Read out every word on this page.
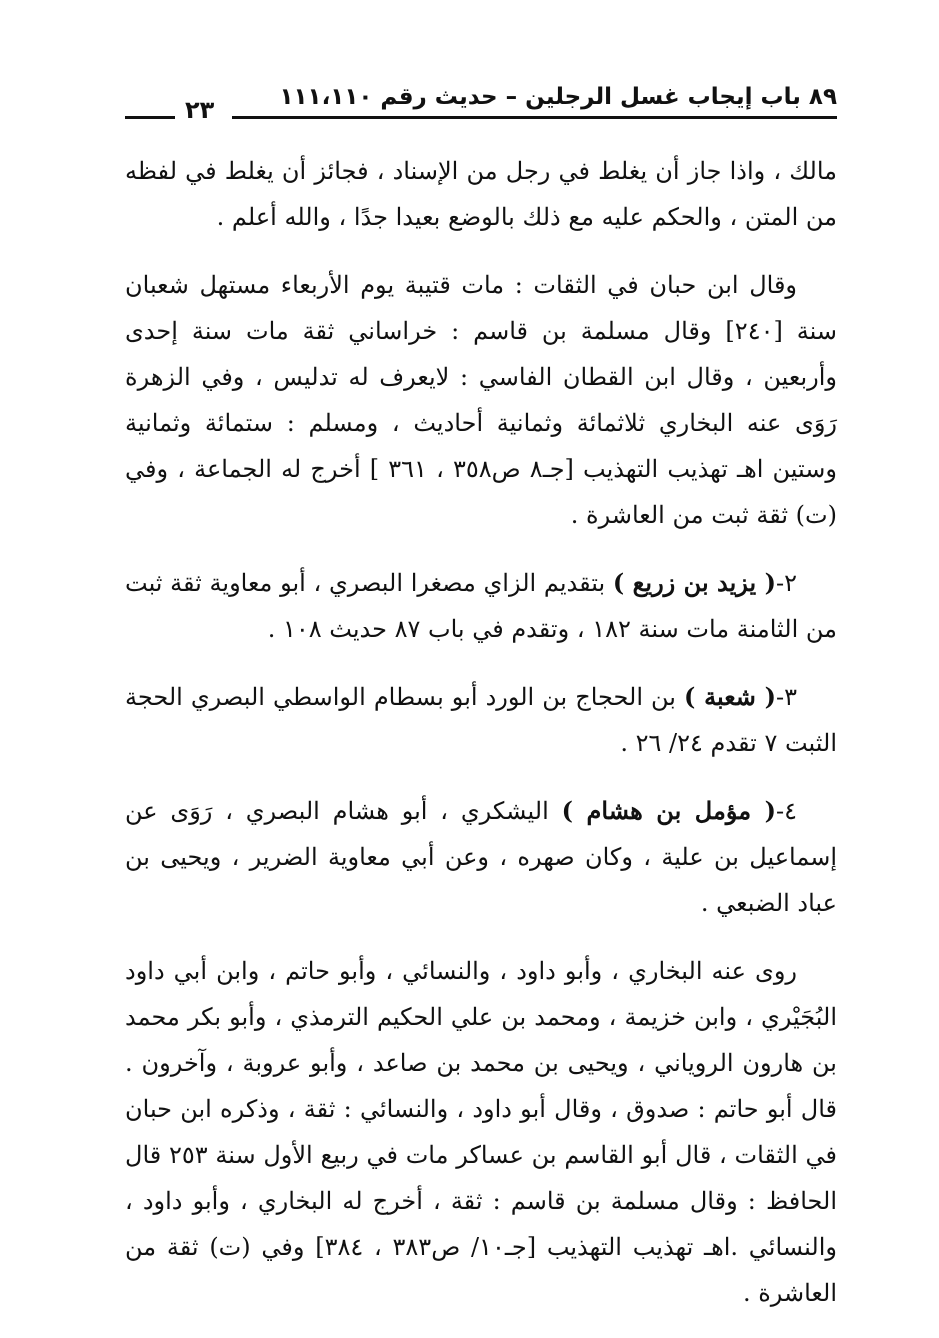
٨٩ باب إيجاب غسل الرجلين – حديث رقم ١١١،١١٠
٢٣

مالك ، واذا جاز أن يغلط في رجل من الإسناد ، فجائز أن يغلط في لفظه من المتن ، والحكم عليه مع ذلك بالوضع بعيدا جدًا ، والله أعلم .

وقال ابن حبان في الثقات : مات قتيبة يوم الأربعاء مستهل شعبان سنة [٢٤٠] وقال مسلمة بن قاسم : خراساني ثقة مات سنة إحدى وأربعين ، وقال ابن القطان الفاسي : لايعرف له تدليس ، وفي الزهرة رَوَى عنه البخاري ثلاثمائة وثمانية أحاديث ، ومسلم : ستمائة وثمانية وستين اهـ تهذيب التهذيب [جـ٨ ص٣٥٨ ، ٣٦١ ] أخرج له الجماعة ، وفي (ت) ثقة ثبت من العاشرة .

٢-( يزيد بن زريع ) بتقديم الزاي مصغرا البصري ، أبو معاوية ثقة ثبت من الثامنة مات سنة ١٨٢ ، وتقدم في باب ٨٧ حديث ١٠٨ .

٣-( شعبة ) بن الحجاج بن الورد أبو بسطام الواسطي البصري الحجة الثبت ٧ تقدم ٢٤/ ٢٦ .

٤-( مؤمل بن هشام ) اليشكري ، أبو هشام البصري ، رَوَى عن إسماعيل بن علية ، وكان صهره ، وعن أبي معاوية الضرير ، ويحيى بن عباد الضبعي .

روى عنه البخاري ، وأبو داود ، والنسائي ، وأبو حاتم ، وابن أبي داود البُجَيْري ، وابن خزيمة ، ومحمد بن علي الحكيم الترمذي ، وأبو بكر محمد بن هارون الروياني ، ويحيى بن محمد بن صاعد ، وأبو عروبة ، وآخرون . قال أبو حاتم : صدوق ، وقال أبو داود ، والنسائي : ثقة ، وذكره ابن حبان في الثقات ، قال أبو القاسم بن عساكر مات في ربيع الأول سنة ٢٥٣ قال الحافظ : وقال مسلمة بن قاسم : ثقة ، أخرج له البخاري ، وأبو داود ، والنسائي .اهـ تهذيب التهذيب [جـ١٠/ ص٣٨٣ ، ٣٨٤] وفي (ت) ثقة من العاشرة .
